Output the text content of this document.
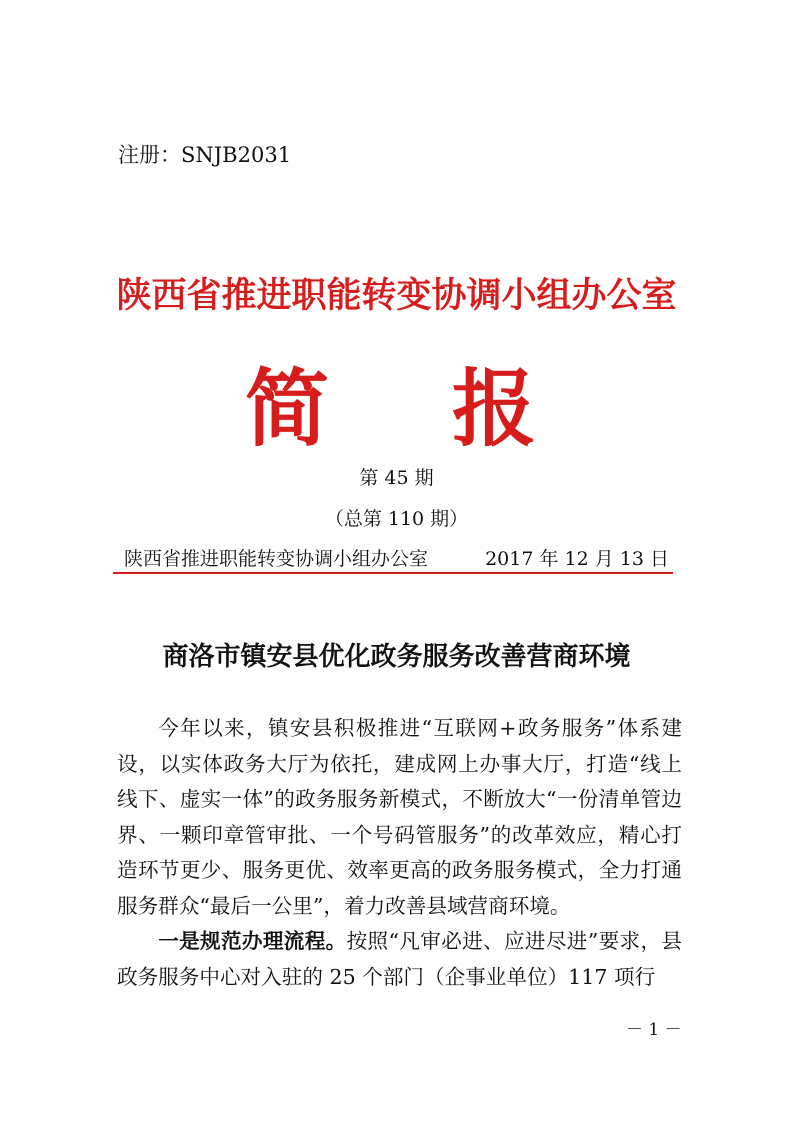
注册：SNJB2031
陕西省推进职能转变协调小组办公室
简 报
第 45 期
（总第 110 期）
陕西省推进职能转变协调小组办公室	2017 年 12 月 13 日
商洛市镇安县优化政务服务改善营商环境

今年以来，镇安县积极推进“互联网+政务服务”体系建设，以实体政务大厅为依托，建成网上办事大厅，打造“线上线下、虚实一体”的政务服务新模式，不断放大“一份清单管边界、一颗印章管审批、一个号码管服务”的改革效应，精心打造环节更少、服务更优、效率更高的政务服务模式，全力打通服务群众“最后一公里”，着力改善县域营商环境。

一是规范办理流程。按照“凡审必进、应进尽进”要求，县政务服务中心对入驻的 25 个部门（企事业单位）117 项行

－ 1 －
